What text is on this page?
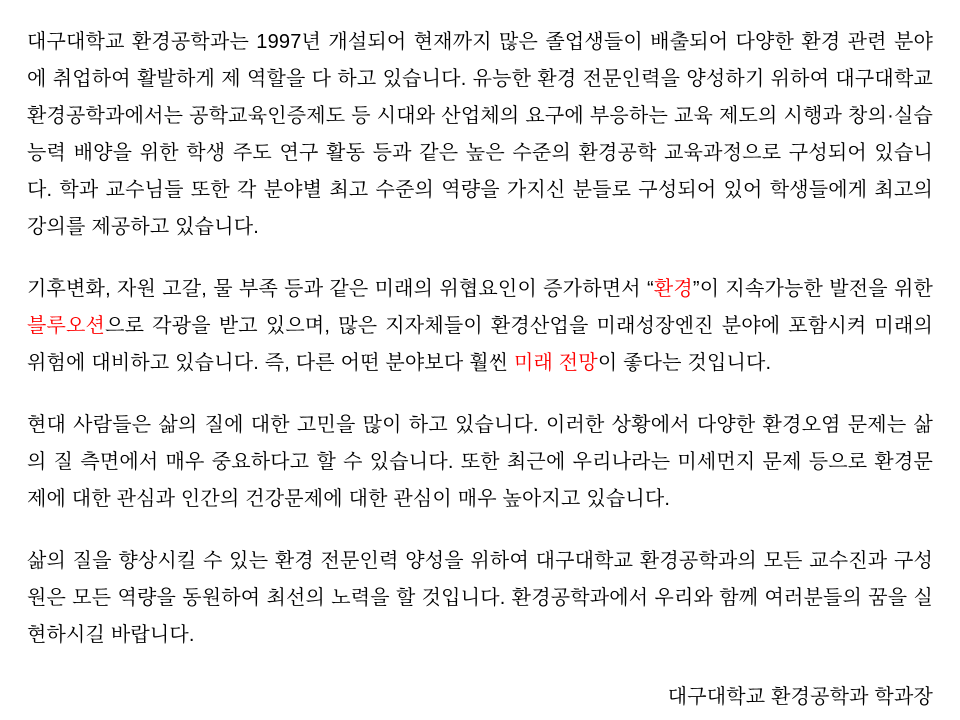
대구대학교 환경공학과는 1997년 개설되어 현재까지 많은 졸업생들이 배출되어 다양한 환경 관련 분야에 취업하여 활발하게 제 역할을 다 하고 있습니다. 유능한 환경 전문인력을 양성하기 위하여 대구대학교 환경공학과에서는 공학교육인증제도 등 시대와 산업체의 요구에 부응하는 교육 제도의 시행과 창의·실습능력 배양을 위한 학생 주도 연구 활동 등과 같은 높은 수준의 환경공학 교육과정으로 구성되어 있습니다. 학과 교수님들 또한 각 분야별 최고 수준의 역량을 가지신 분들로 구성되어 있어 학생들에게 최고의 강의를 제공하고 있습니다.

기후변화, 자원 고갈, 물 부족 등과 같은 미래의 위협요인이 증가하면서 “환경”이 지속가능한 발전을 위한 블루오션으로 각광을 받고 있으며, 많은 지자체들이 환경산업을 미래성장엔진 분야에 포함시켜 미래의 위험에 대비하고 있습니다. 즉, 다른 어떤 분야보다 훨씬 미래 전망이 좋다는 것입니다.

현대 사람들은 삶의 질에 대한 고민을 많이 하고 있습니다. 이러한 상황에서 다양한 환경오염 문제는 삶의 질 측면에서 매우 중요하다고 할 수 있습니다. 또한 최근에 우리나라는 미세먼지 문제 등으로 환경문제에 대한 관심과 인간의 건강문제에 대한 관심이 매우 높아지고 있습니다.

삶의 질을 향상시킬 수 있는 환경 전문인력 양성을 위하여 대구대학교 환경공학과의 모든 교수진과 구성원은 모든 역량을 동원하여 최선의 노력을 할 것입니다. 환경공학과에서 우리와 함께 여러분들의 꿈을 실현하시길 바랍니다.

대구대학교 환경공학과 학과장
